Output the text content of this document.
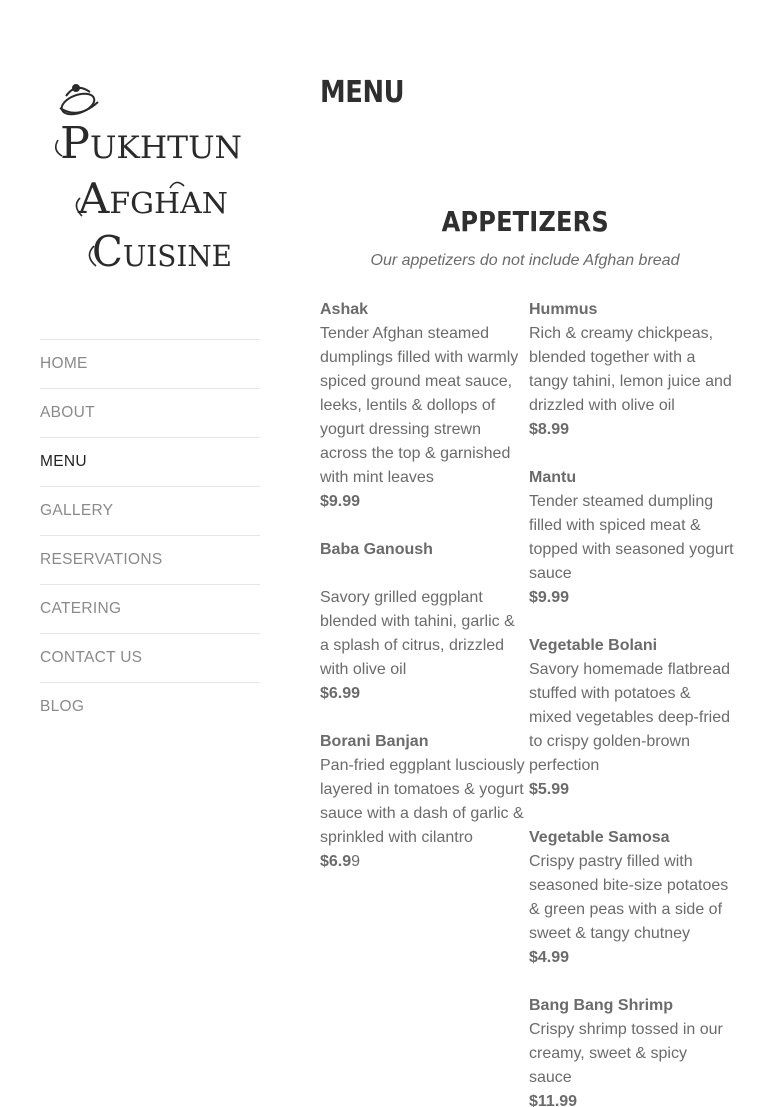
Pukhtun
Afghan
Cuisine
HOME
ABOUT
MENU
GALLERY
RESERVATIONS
CATERING
CONTACT US
BLOG
MENU
APPETIZERS
Our appetizers do not include Afghan bread
Ashak
Tender Afghan steamed dumplings filled with warmly spiced ground meat sauce, leeks, lentils & dollops of yogurt dressing strewn across the top & garnished with mint leaves
$9.99
Baba Ganoush
Savory grilled eggplant blended with tahini, garlic & a splash of citrus, drizzled with olive oil
$6.99
Borani Banjan
Pan-fried eggplant lusciously layered in tomatoes & yogurt sauce with a dash of garlic & sprinkled with cilantro
$6.99
Hummus
Rich & creamy chickpeas, blended together with a tangy tahini, lemon juice and drizzled with olive oil
$8.99
Mantu
Tender steamed dumpling filled with spiced meat & topped with seasoned yogurt sauce
$9.99
Vegetable Bolani
Savory homemade flatbread stuffed with potatoes & mixed vegetables deep-fried to crispy golden-brown perfection
$5.99
Vegetable Samosa
Crispy pastry filled with seasoned bite-size potatoes & green peas with a side of sweet & tangy chutney
$4.99
Bang Bang Shrimp
Crispy shrimp tossed in our creamy, sweet & spicy sauce
$11.99
